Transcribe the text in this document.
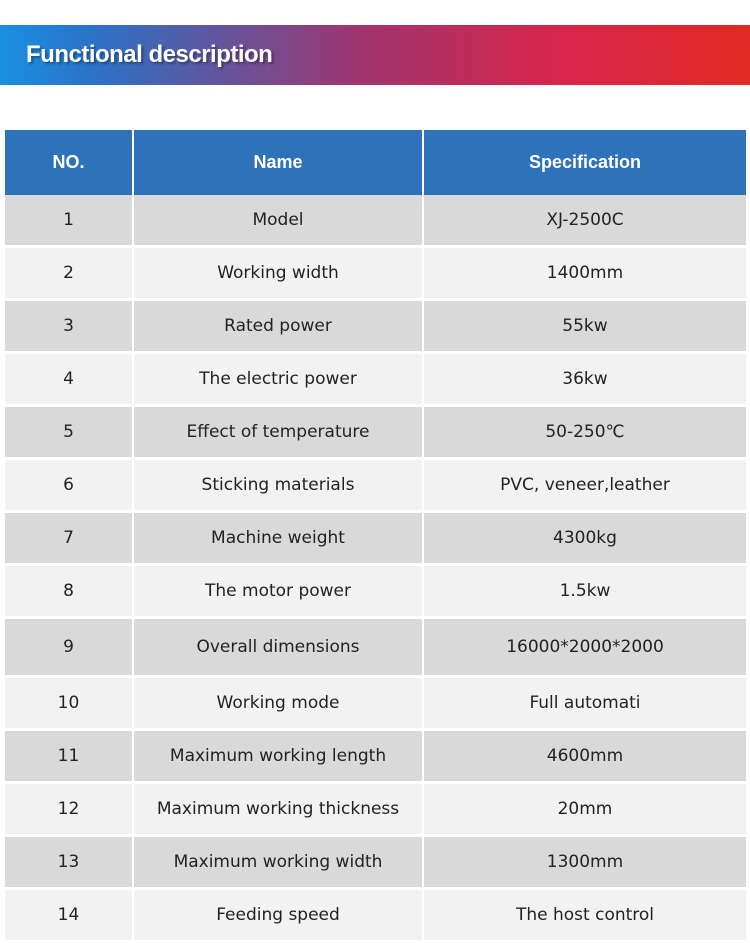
Functional description
NO.	Name	Specification
1	Model	XJ-2500C
2	Working width	1400mm
3	Rated power	55kw
4	The electric power	36kw
5	Effect of temperature	50-250℃
6	Sticking materials	PVC, veneer,leather
7	Machine weight	4300kg
8	The motor power	1.5kw
9	Overall dimensions	16000*2000*2000
10	Working mode	Full automati
11	Maximum working length	4600mm
12	Maximum working thickness	20mm
13	Maximum working width	1300mm
14	Feeding speed	The host control
